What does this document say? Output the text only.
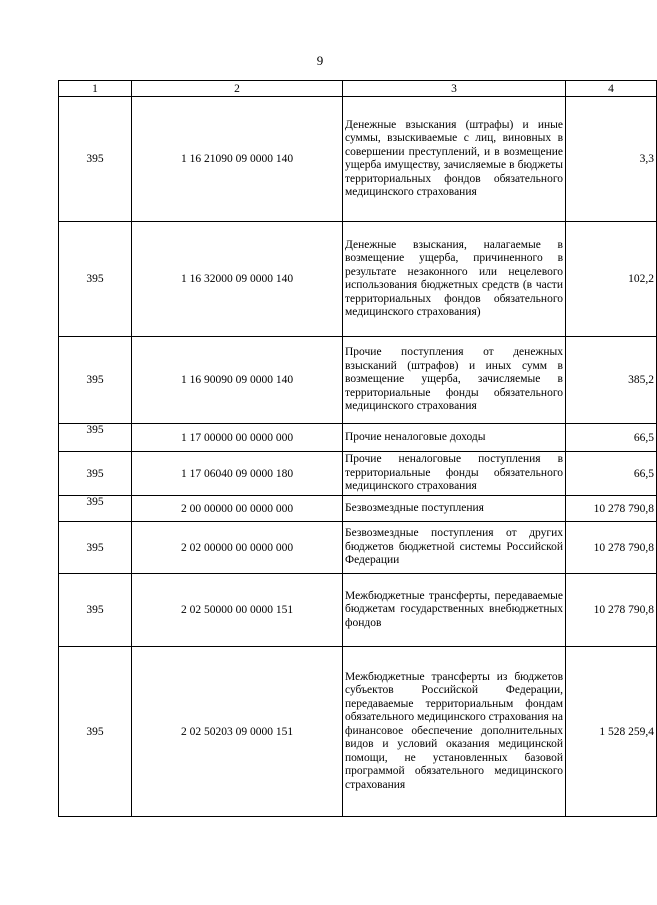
9
1	2	3	4
395	1 16 21090 09 0000 140	Денежные взыскания (штрафы) и иные суммы, взыскиваемые с лиц, виновных в совершении преступлений, и в возмещение ущерба имуществу, зачисляемые в бюджеты территориальных фондов обязательного медицинского страхования	3,3
395	1 16 32000 09 0000 140	Денежные взыскания, налагаемые в возмещение ущерба, причиненного в результате незаконного или нецелевого использования бюджетных средств (в части территориальных фондов обязательного медицинского страхования)	102,2
395	1 16 90090 09 0000 140	Прочие поступления от денежных взысканий (штрафов) и иных сумм в возмещение ущерба, зачисляемые в территориальные фонды обязательного медицинского страхования	385,2
395	1 17 00000 00 0000 000	Прочие неналоговые доходы	66,5
395	1 17 06040 09 0000 180	Прочие неналоговые поступления в территориальные фонды обязательного медицинского страхования	66,5
395	2 00 00000 00 0000 000	Безвозмездные поступления	10 278 790,8
395	2 02 00000 00 0000 000	Безвозмездные поступления от других бюджетов бюджетной системы Российской Федерации	10 278 790,8
395	2 02 50000 00 0000 151	Межбюджетные трансферты, передаваемые бюджетам государственных внебюджетных фондов	10 278 790,8
395	2 02 50203 09 0000 151	Межбюджетные трансферты из бюджетов субъектов Российской Федерации, передаваемые территориальным фондам обязательного медицинского страхования на финансовое обеспечение дополнительных видов и условий оказания медицинской помощи, не установленных базовой программой обязательного медицинского страхования	1 528 259,4
